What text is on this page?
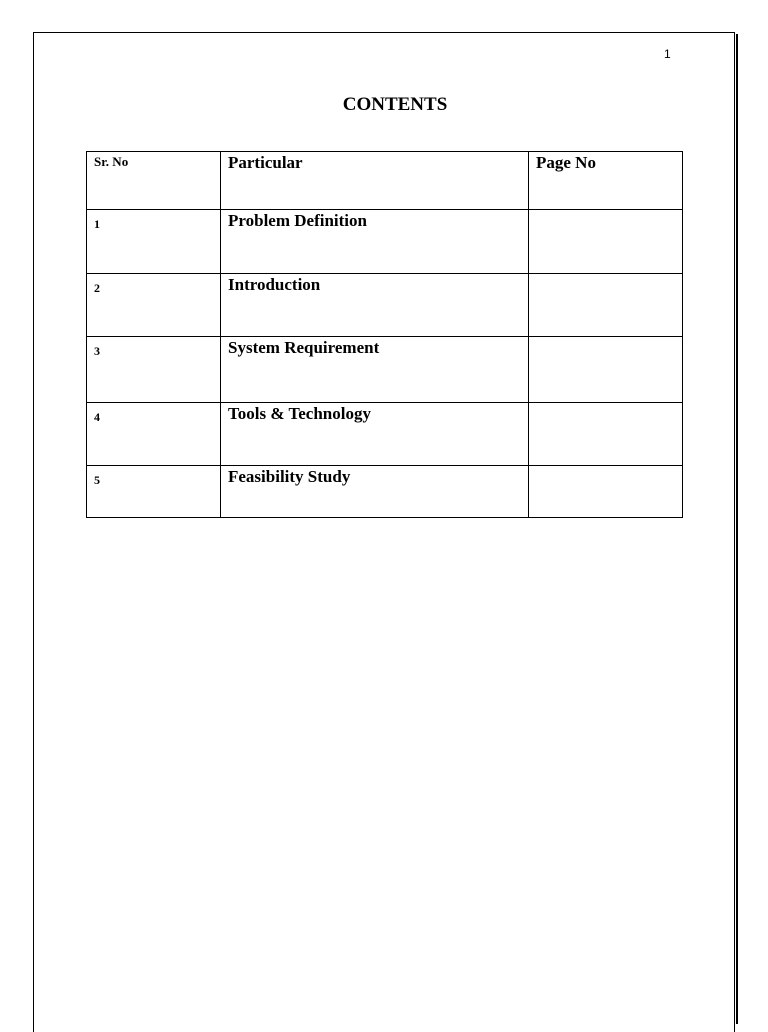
1
CONTENTS
Sr. No	Particular	Page No
1	Problem Definition	
2	Introduction	
3	System Requirement	
4	Tools & Technology	
5	Feasibility Study	
